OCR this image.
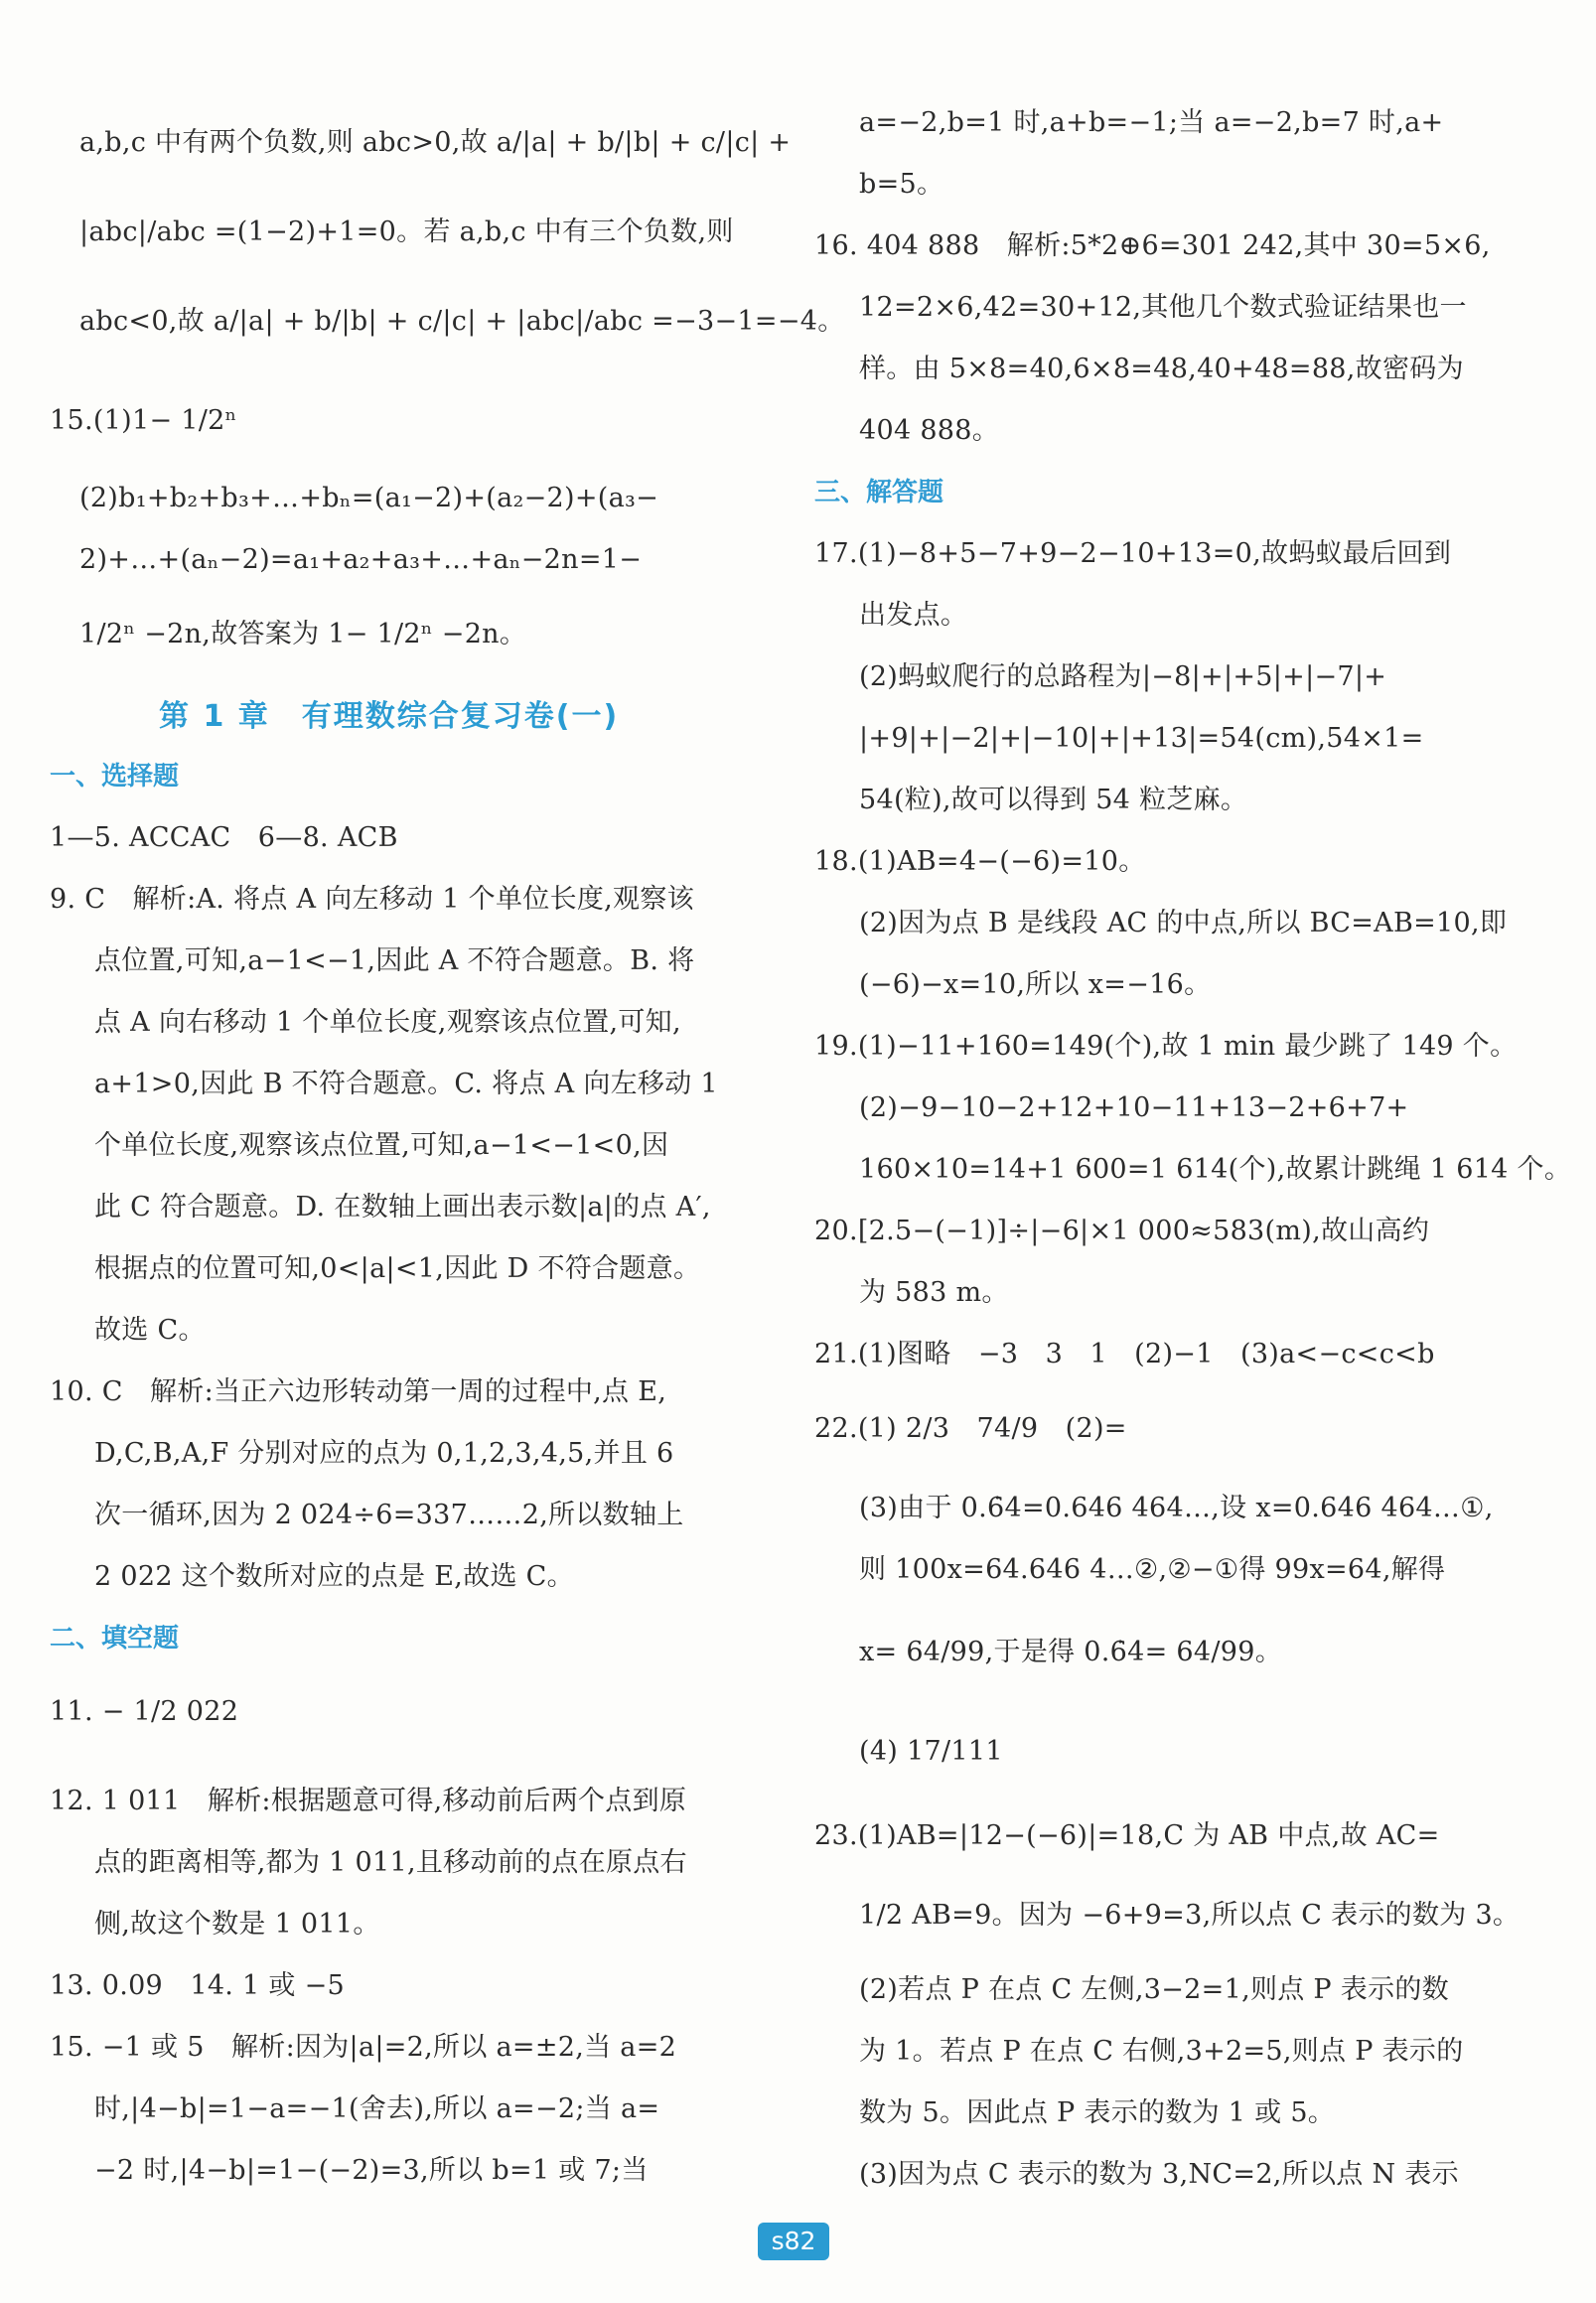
a,b,c 中有两个负数,则 abc>0,故 a/|a| + b/|b| + c/|c| +
|abc|/abc =(1−2)+1=0。若 a,b,c 中有三个负数,则
abc<0,故 a/|a| + b/|b| + c/|c| + |abc|/abc =−3−1=−4。
15.(1)1− 1/2ⁿ
(2)b₁+b₂+b₃+…+bₙ=(a₁−2)+(a₂−2)+(a₃−
2)+…+(aₙ−2)=a₁+a₂+a₃+…+aₙ−2n=1−
1/2ⁿ −2n,故答案为 1− 1/2ⁿ −2n。
第 1 章　有理数综合复习卷(一)
一、选择题
1—5. ACCAC　6—8. ACB
9. C　解析:A. 将点 A 向左移动 1 个单位长度,观察该
点位置,可知,a−1<−1,因此 A 不符合题意。B. 将
点 A 向右移动 1 个单位长度,观察该点位置,可知,
a+1>0,因此 B 不符合题意。C. 将点 A 向左移动 1
个单位长度,观察该点位置,可知,a−1<−1<0,因
此 C 符合题意。D. 在数轴上画出表示数|a|的点 A′,
根据点的位置可知,0<|a|<1,因此 D 不符合题意。
故选 C。
10. C　解析:当正六边形转动第一周的过程中,点 E,
D,C,B,A,F 分别对应的点为 0,1,2,3,4,5,并且 6
次一循环,因为 2 024÷6=337……2,所以数轴上
2 022 这个数所对应的点是 E,故选 C。
二、填空题
11. − 1/2 022
12. 1 011　解析:根据题意可得,移动前后两个点到原
点的距离相等,都为 1 011,且移动前的点在原点右
侧,故这个数是 1 011。
13. 0.09　14. 1 或 −5
15. −1 或 5　解析:因为|a|=2,所以 a=±2,当 a=2
时,|4−b|=1−a=−1(舍去),所以 a=−2;当 a=
−2 时,|4−b|=1−(−2)=3,所以 b=1 或 7;当
a=−2,b=1 时,a+b=−1;当 a=−2,b=7 时,a+
b=5。
16. 404 888　解析:5*2⊕6=301 242,其中 30=5×6,
12=2×6,42=30+12,其他几个数式验证结果也一
样。由 5×8=40,6×8=48,40+48=88,故密码为
404 888。
三、解答题
17.(1)−8+5−7+9−2−10+13=0,故蚂蚁最后回到
出发点。
(2)蚂蚁爬行的总路程为|−8|+|+5|+|−7|+
|+9|+|−2|+|−10|+|+13|=54(cm),54×1=
54(粒),故可以得到 54 粒芝麻。
18.(1)AB=4−(−6)=10。
(2)因为点 B 是线段 AC 的中点,所以 BC=AB=10,即
(−6)−x=10,所以 x=−16。
19.(1)−11+160=149(个),故 1 min 最少跳了 149 个。
(2)−9−10−2+12+10−11+13−2+6+7+
160×10=14+1 600=1 614(个),故累计跳绳 1 614 个。
20.[2.5−(−1)]÷|−6|×1 000≈583(m),故山高约
为 583 m。
21.(1)图略　−3　3　1　(2)−1　(3)a<−c<c<b
22.(1) 2/3　74/9　(2)=
(3)由于 0.6̇4̇=0.646 464…,设 x=0.646 464…①,
则 100x=64.646 4…②,②−①得 99x=64,解得
x= 64/99,于是得 0.6̇4̇= 64/99。
(4) 17/111
23.(1)AB=|12−(−6)|=18,C 为 AB 中点,故 AC=
1/2 AB=9。因为 −6+9=3,所以点 C 表示的数为 3。
(2)若点 P 在点 C 左侧,3−2=1,则点 P 表示的数
为 1。若点 P 在点 C 右侧,3+2=5,则点 P 表示的
数为 5。因此点 P 表示的数为 1 或 5。
(3)因为点 C 表示的数为 3,NC=2,所以点 N 表示
s82
